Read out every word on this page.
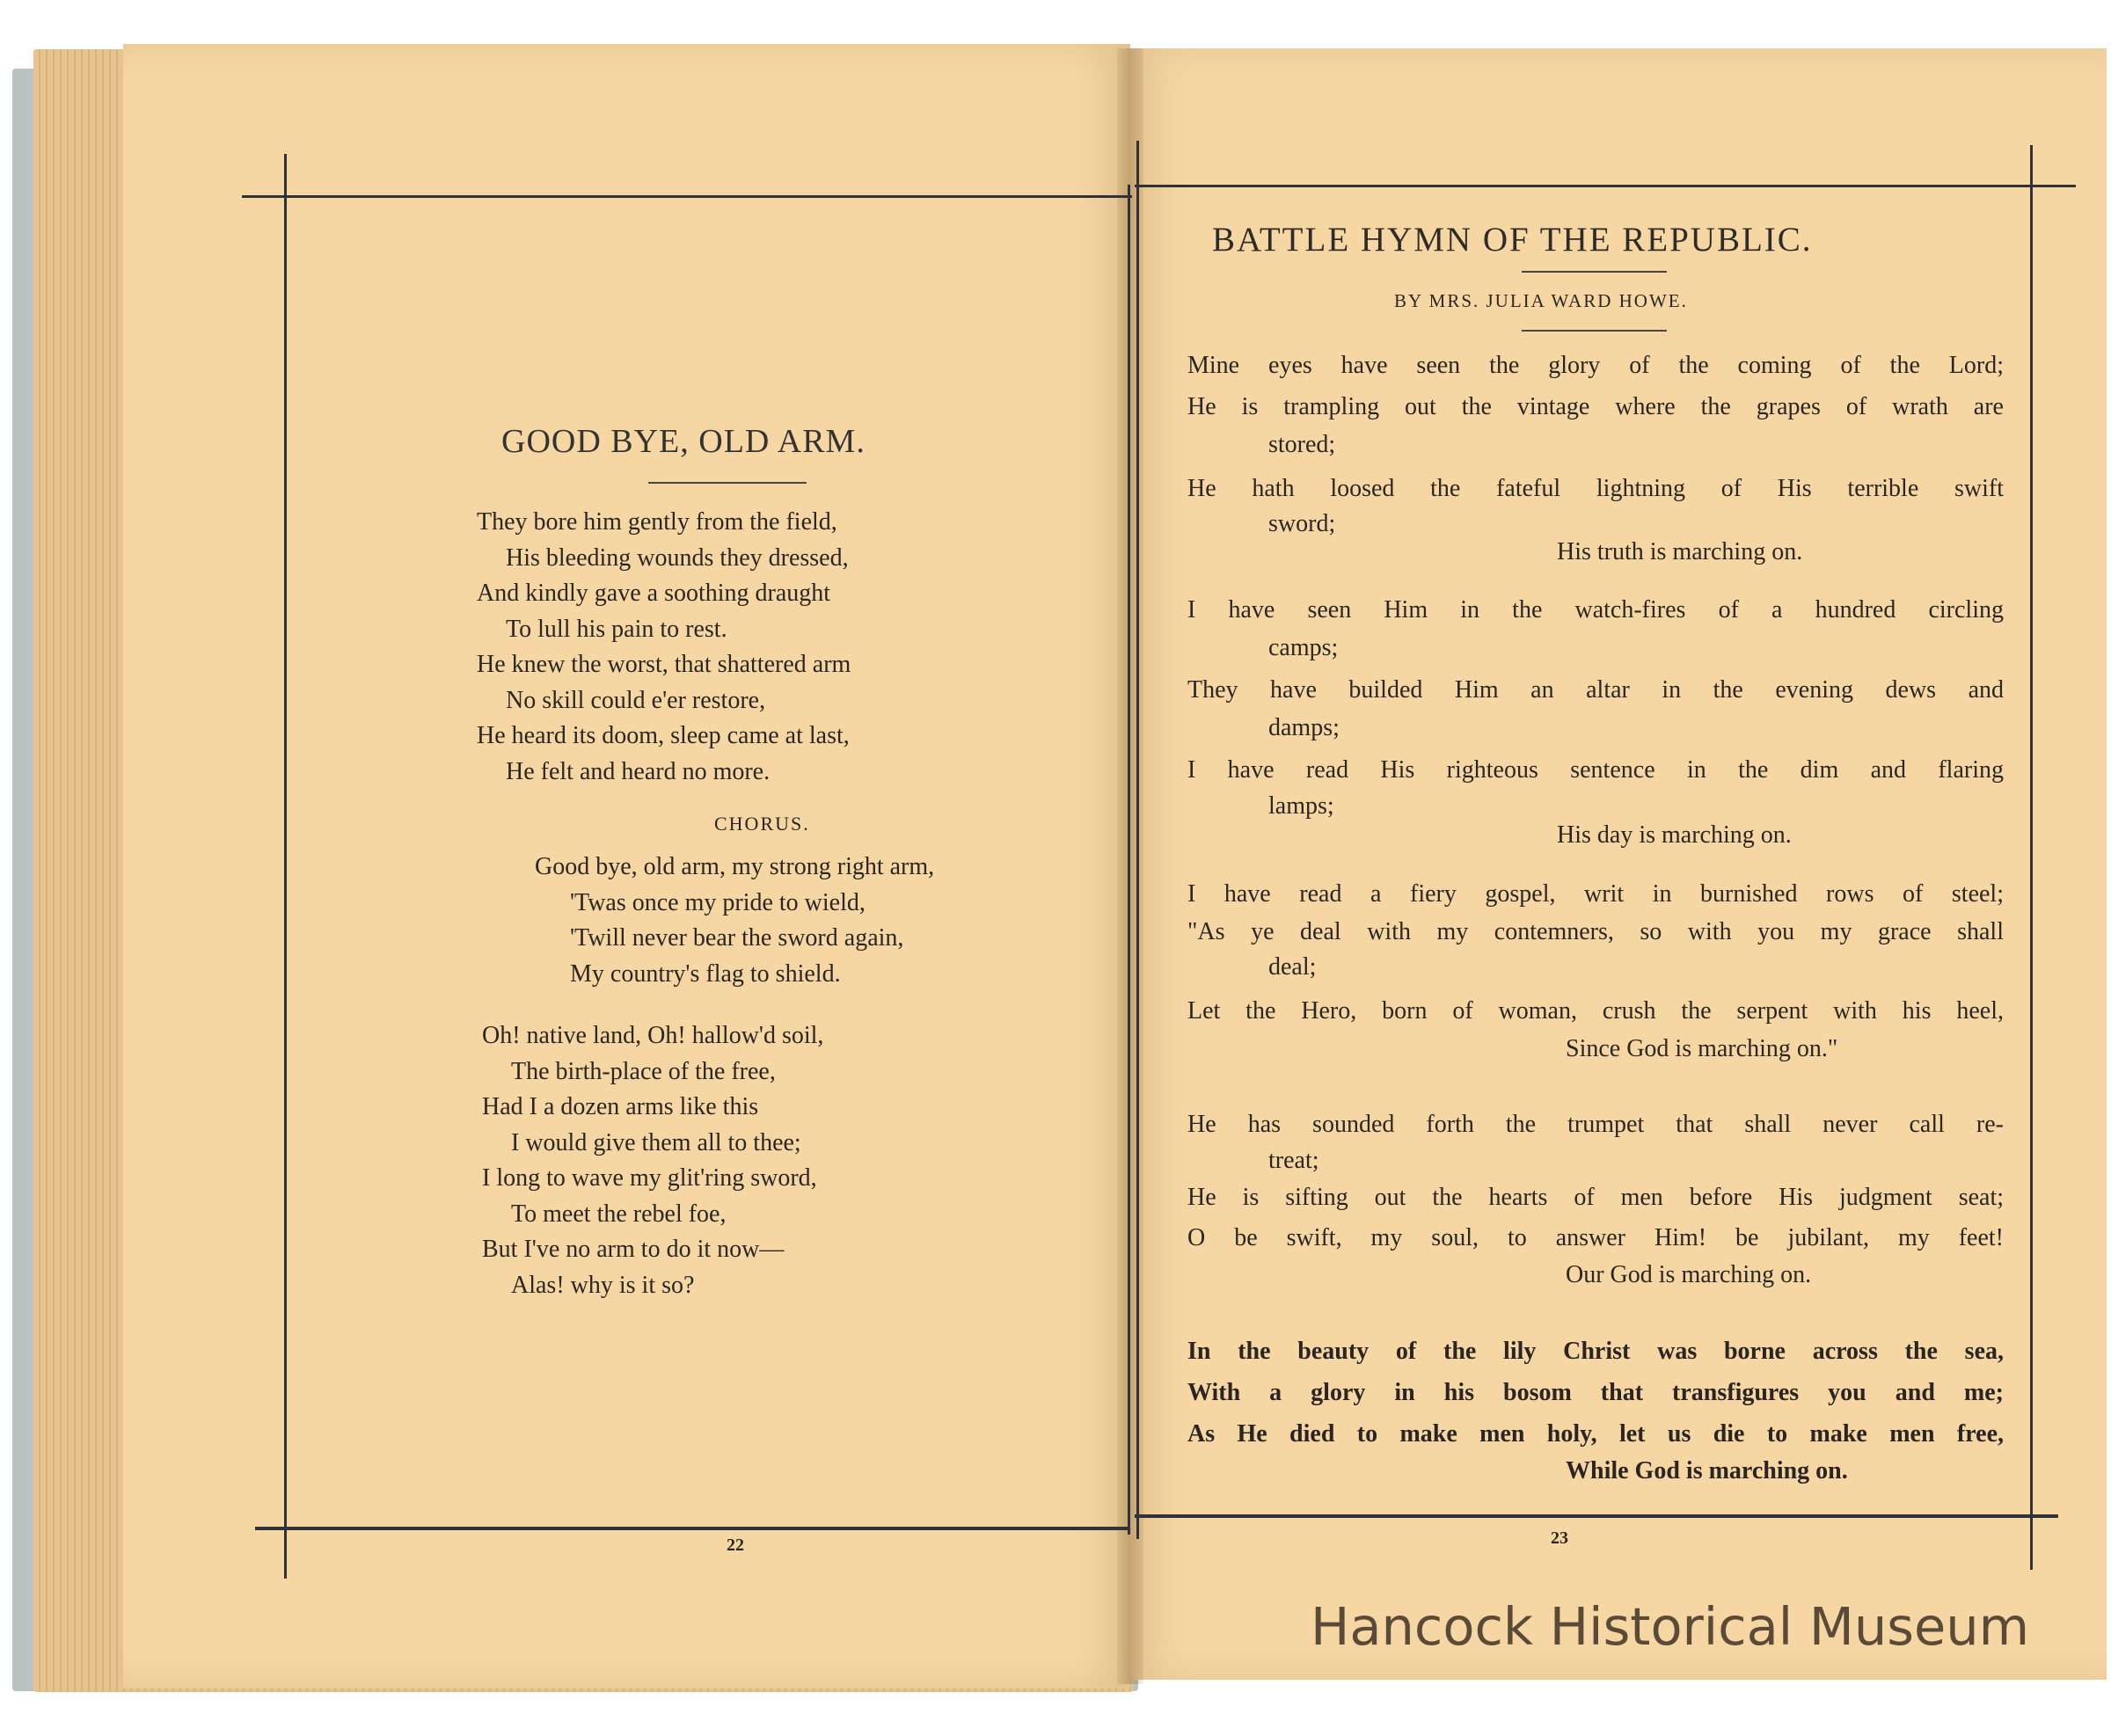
GOOD BYE, OLD ARM.
They bore him gently from the field,
His bleeding wounds they dressed,
And kindly gave a soothing draught
To lull his pain to rest.
He knew the worst, that shattered arm
No skill could e'er restore,
He heard its doom, sleep came at last,
He felt and heard no more.
CHORUS.
Good bye, old arm, my strong right arm,
'Twas once my pride to wield,
'Twill never bear the sword again,
My country's flag to shield.
Oh! native land, Oh! hallow'd soil,
The birth-place of the free,
Had I a dozen arms like this
I would give them all to thee;
I long to wave my glit'ring sword,
To meet the rebel foe,
But I've no arm to do it now—
Alas! why is it so?
22
BATTLE HYMN OF THE REPUBLIC.
BY MRS. JULIA WARD HOWE.
Mine eyes have seen the glory of the coming of the Lord;
He is trampling out the vintage where the grapes of wrath are
stored;
He hath loosed the fateful lightning of His terrible swift
sword;
His truth is marching on.
I have seen Him in the watch-fires of a hundred circling
camps;
They have builded Him an altar in the evening dews and
damps;
I have read His righteous sentence in the dim and flaring
lamps;
His day is marching on.
I have read a fiery gospel, writ in burnished rows of steel;
"As ye deal with my contemners, so with you my grace shall
deal;
Let the Hero, born of woman, crush the serpent with his heel,
Since God is marching on."
He has sounded forth the trumpet that shall never call re-
treat;
He is sifting out the hearts of men before His judgment seat;
O be swift, my soul, to answer Him! be jubilant, my feet!
Our God is marching on.
In the beauty of the lily Christ was borne across the sea,
With a glory in his bosom that transfigures you and me;
As He died to make men holy, let us die to make men free,
While God is marching on.
23
Hancock Historical Museum
